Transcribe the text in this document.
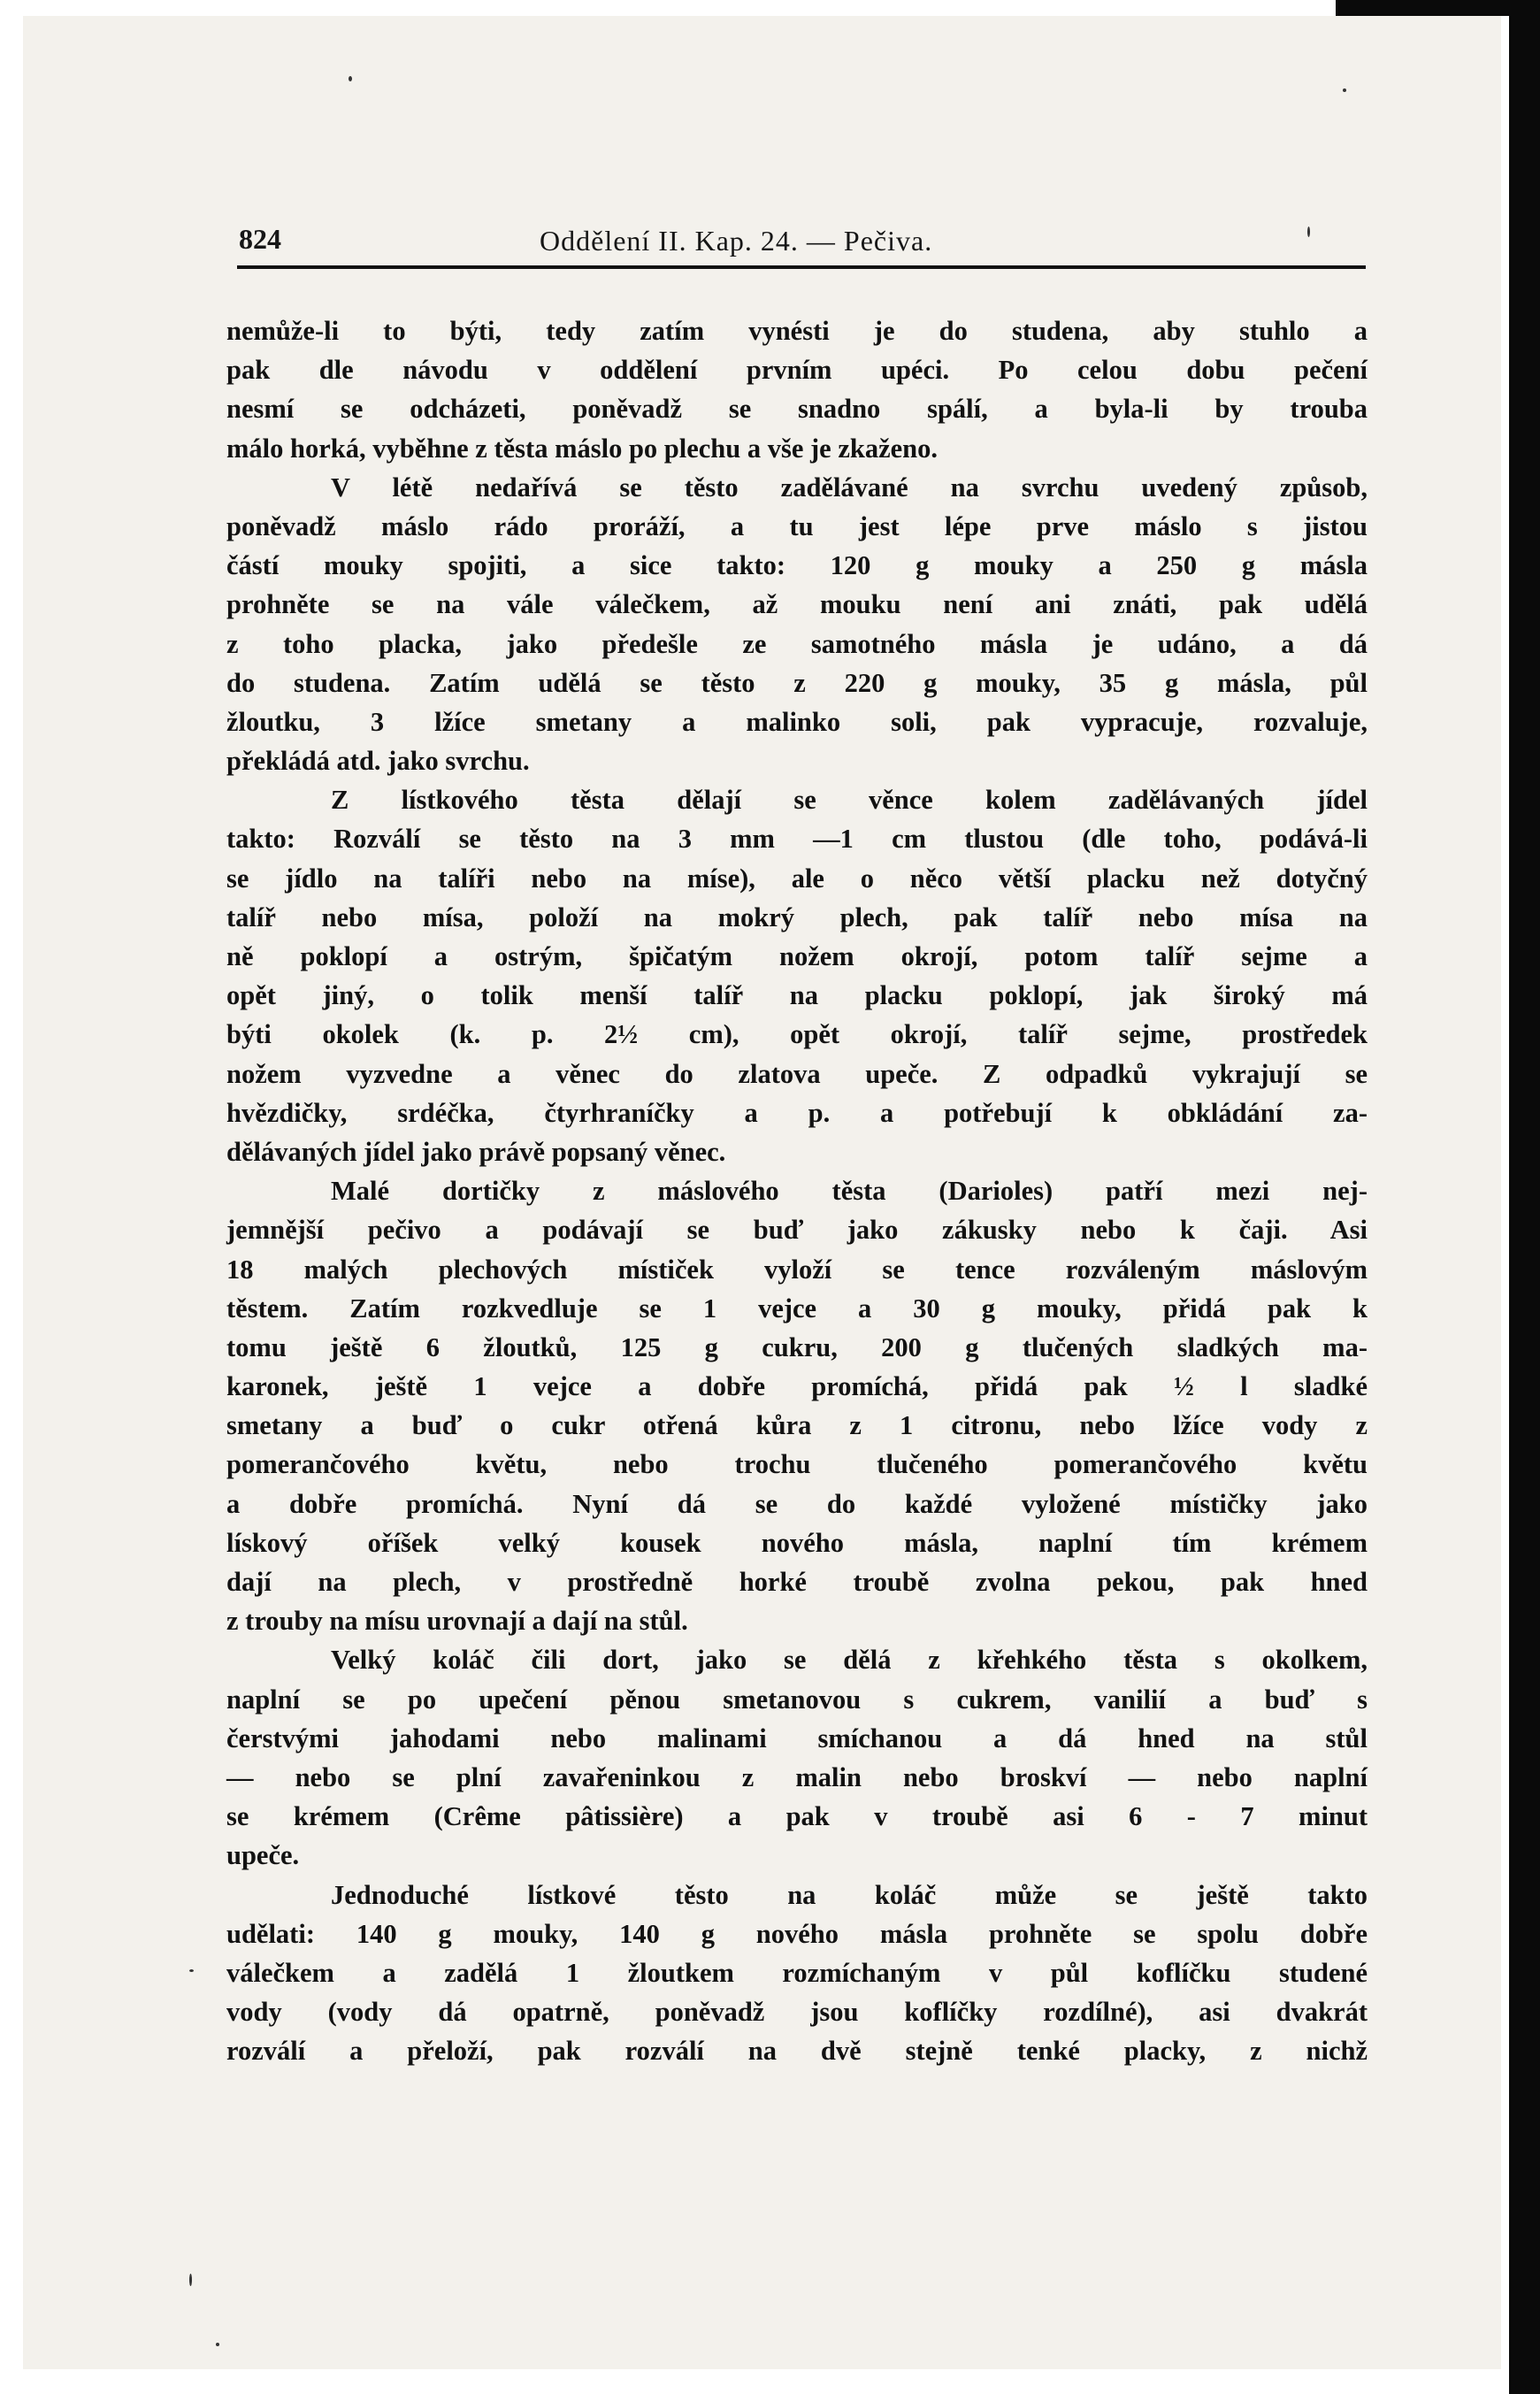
824	Oddělení II. Kap. 24. — Pečiva.
nemůže-li to býti, tedy zatím vynésti je do studena, aby stuhlo a
pak dle návodu v oddělení prvním upéci. Po celou dobu pečení
nesmí se odcházeti, poněvadž se snadno spálí, a byla-li by trouba
málo horká, vyběhne z těsta máslo po plechu a vše je zkaženo.
V létě nedařívá se těsto zadělávané na svrchu uvedený způsob,
poněvadž máslo rádo proráží, a tu jest lépe prve máslo s jistou
částí mouky spojiti, a sice takto: 120 g mouky a 250 g másla
prohněte se na vále válečkem, až mouku není ani znáti, pak udělá
z toho placka, jako předešle ze samotného másla je udáno, a dá
do studena. Zatím udělá se těsto z 220 g mouky, 35 g másla, půl
žloutku, 3 lžíce smetany a malinko soli, pak vypracuje, rozvaluje,
překládá atd. jako svrchu.
Z lístkového těsta dělají se věnce kolem zadělávaných jídel
takto: Rozválí se těsto na 3 mm —1 cm tlustou (dle toho, podává-li
se jídlo na talíři nebo na míse), ale o něco větší placku než dotyčný
talíř nebo mísa, položí na mokrý plech, pak talíř nebo mísa na
ně poklopí a ostrým, špičatým nožem okrojí, potom talíř sejme a
opět jiný, o tolik menší talíř na placku poklopí, jak široký má
býti okolek (k. p. 2½ cm), opět okrojí, talíř sejme, prostředek
nožem vyzvedne a věnec do zlatova upeče. Z odpadků vykrajují se
hvězdičky, srdéčka, čtyrhraníčky a p. a potřebují k obkládání za-
dělávaných jídel jako právě popsaný věnec.
Malé dortičky z máslového těsta (Darioles) patří mezi nej-
jemnější pečivo a podávají se buď jako zákusky nebo k čaji. Asi
18 malých plechových místiček vyloží se tence rozváleným máslovým
těstem. Zatím rozkvedluje se 1 vejce a 30 g mouky, přidá pak k
tomu ještě 6 žloutků, 125 g cukru, 200 g tlučených sladkých ma-
karonek, ještě 1 vejce a dobře promíchá, přidá pak ½ l sladké
smetany a buď o cukr otřená kůra z 1 citronu, nebo lžíce vody z
pomerančového květu, nebo trochu tlučeného pomerančového květu
a dobře promíchá. Nyní dá se do každé vyložené místičky jako
lískový oříšek velký kousek nového másla, naplní tím krémem
dají na plech, v prostředně horké troubě zvolna pekou, pak hned
z trouby na mísu urovnají a dají na stůl.
Velký koláč čili dort, jako se dělá z křehkého těsta s okolkem,
naplní se po upečení pěnou smetanovou s cukrem, vanilií a buď s
čerstvými jahodami nebo malinami smíchanou a dá hned na stůl
— nebo se plní zavařeninkou z malin nebo broskví — nebo naplní
se krémem (Crême pâtissière) a pak v troubě asi 6 - 7 minut
upeče.
Jednoduché lístkové těsto na koláč může se ještě takto
udělati: 140 g mouky, 140 g nového másla prohněte se spolu dobře
válečkem a zadělá 1 žloutkem rozmíchaným v půl koflíčku studené
vody (vody dá opatrně, poněvadž jsou koflíčky rozdílné), asi dvakrát
rozválí a přeloží, pak rozválí na dvě stejně tenké placky, z nichž
